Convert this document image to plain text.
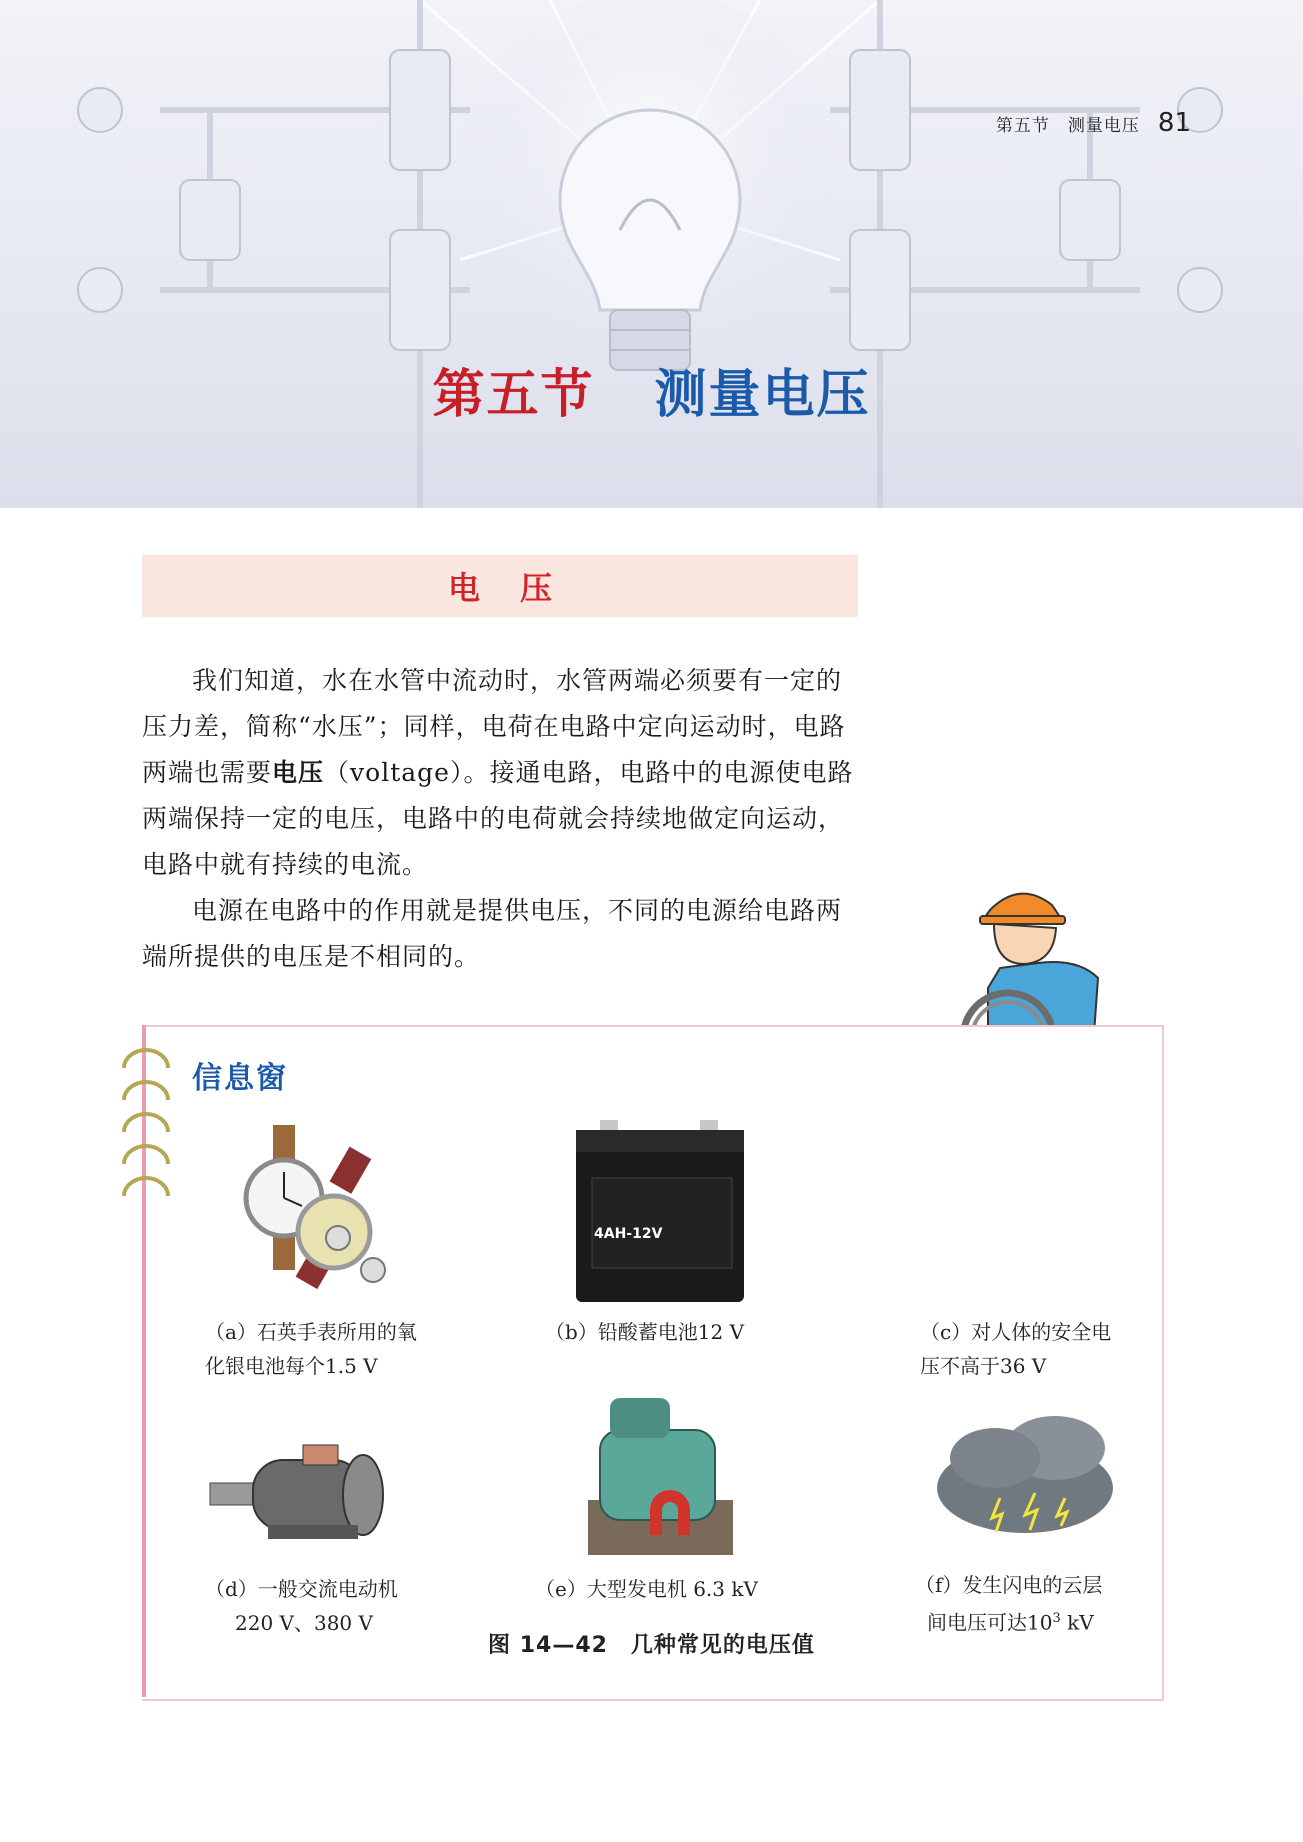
第五节　测量电压 81
第五节 测量电压
电压

我们知道，水在水管中流动时，水管两端必须要有一定的压力差，简称“水压”；同样，电荷在电路中定向运动时，电路两端也需要电压（voltage）。接通电路，电路中的电源使电路两端保持一定的电压，电路中的电荷就会持续地做定向运动，电路中就有持续的电流。

电源在电路中的作用就是提供电压，不同的电源给电路两端所提供的电压是不相同的。

信息窗
（a）石英手表所用的氧化银电池每个1.5 V
4AH-12V
（b）铅酸蓄电池12 V	（c）对人体的安全电压不高于36 V
（d）一般交流电动机
220 V、380 V
（e）大型发电机 6.3 kV	（f）发生闪电的云层
间电压可达$10^3$ kV
图 14—42　几种常见的电压值
